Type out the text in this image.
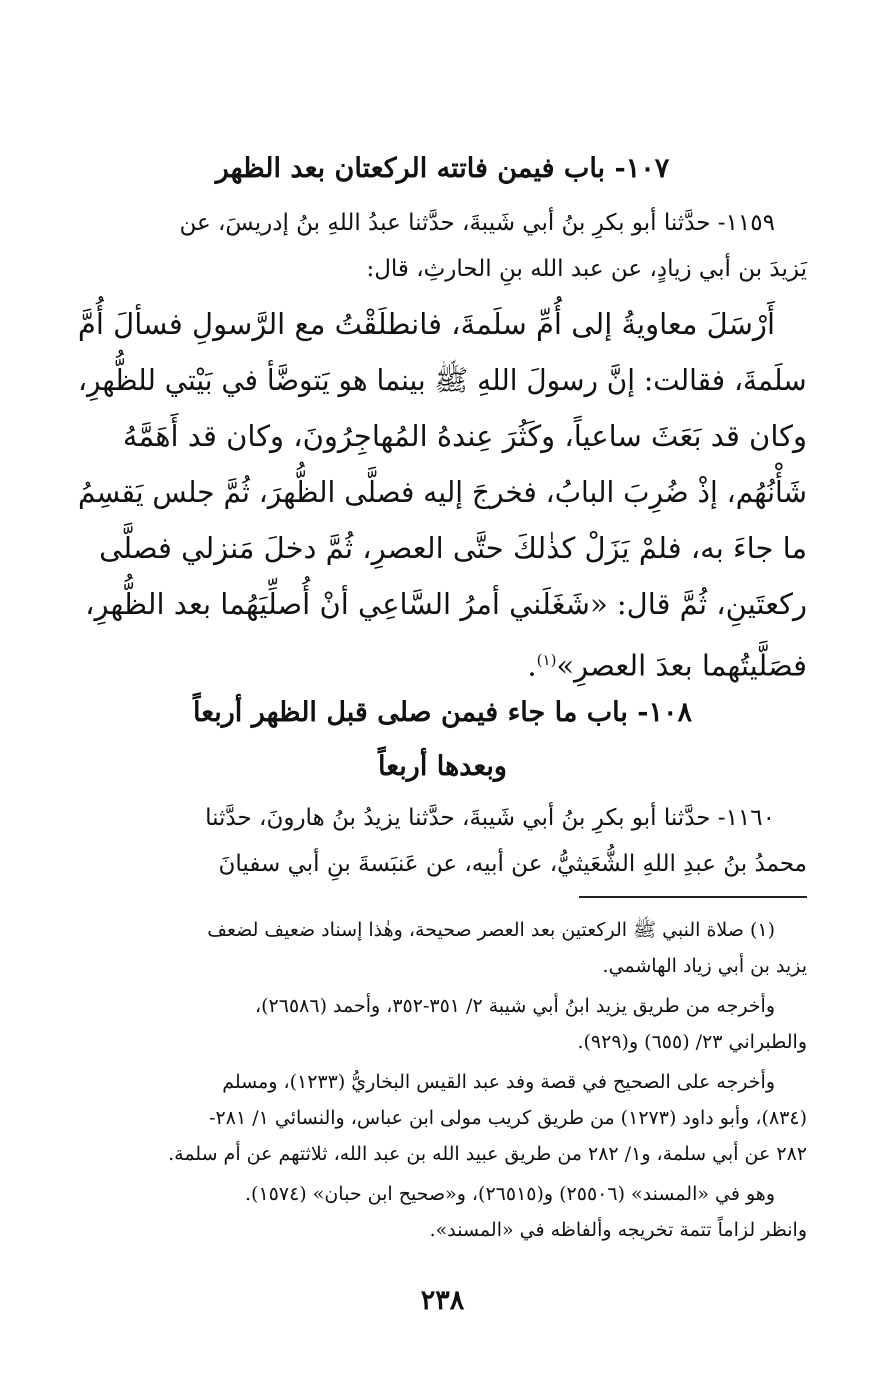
١٠٧- باب فيمن فاتته الركعتان بعد الظهر
١١٥٩- حدَّثنا أبو بكرِ بنُ أبي شَيبةَ، حدَّثنا عبدُ اللهِ بنُ إدريسَ، عن
يَزيدَ بن أبي زيادٍ، عن عبد الله بنِ الحارثِ، قال:
أَرْسَلَ معاويةُ إلى أُمِّ سلَمةَ، فانطلَقْتُ مع الرَّسولِ فسألَ أُمَّ
سلَمةَ، فقالت: إنَّ رسولَ اللهِ ﷺ بينما هو يَتوضَّأ في بَيْتي للظُّهرِ،
وكان قد بَعَثَ ساعياً، وكَثُرَ عِندهُ المُهاجِرُونَ، وكان قد أَهَمَّهُ
شَأْنُهُم، إذْ ضُرِبَ البابُ، فخرجَ إليه فصلَّى الظُّهرَ، ثُمَّ جلس يَقسِمُ
ما جاءَ به، فلمْ يَزَلْ كذٰلكَ حتَّى العصرِ، ثُمَّ دخلَ مَنزلي فصلَّى
ركعتَينِ، ثُمَّ قال: «شَغَلَني أمرُ السَّاعِي أنْ أُصلِّيَهُما بعد الظُّهرِ،
فصَلَّيتُهما بعدَ العصرِ»$^{(١)}$.
١٠٨- باب ما جاء فيمن صلى قبل الظهر أربعاً
وبعدها أربعاً
١١٦٠- حدَّثنا أبو بكرِ بنُ أبي شَيبةَ، حدَّثنا يزيدُ بنُ هارونَ، حدَّثنا
محمدُ بنُ عبدِ اللهِ الشُّعَيثيُّ، عن أبيه، عن عَنبَسةَ بنِ أبي سفيانَ
(١) صلاة النبي ﷺ الركعتين بعد العصر صحيحة، وهٰذا إسناد ضعيف لضعف
يزيد بن أبي زياد الهاشمي.
وأخرجه من طريق يزيد ابنُ أبي شيبة ٢/ ٣٥١-٣٥٢، وأحمد (٢٦٥٨٦)،
والطبراني ٢٣/ (٦٥٥) و(٩٢٩).
وأخرجه على الصحيح في قصة وفد عبد القيس البخاريُّ (١٢٣٣)، ومسلم
(٨٣٤)، وأبو داود (١٢٧٣) من طريق كريب مولى ابن عباس، والنسائي ١/ ٢٨١-
٢٨٢ عن أبي سلمة، و١/ ٢٨٢ من طريق عبيد الله بن عبد الله، ثلاثتهم عن أم سلمة.
وهو في «المسند» (٢٥٥٠٦) و(٢٦٥١٥)، و«صحيح ابن حبان» (١٥٧٤).
وانظر لزاماً تتمة تخريجه وألفاظه في «المسند».
٢٣٨
